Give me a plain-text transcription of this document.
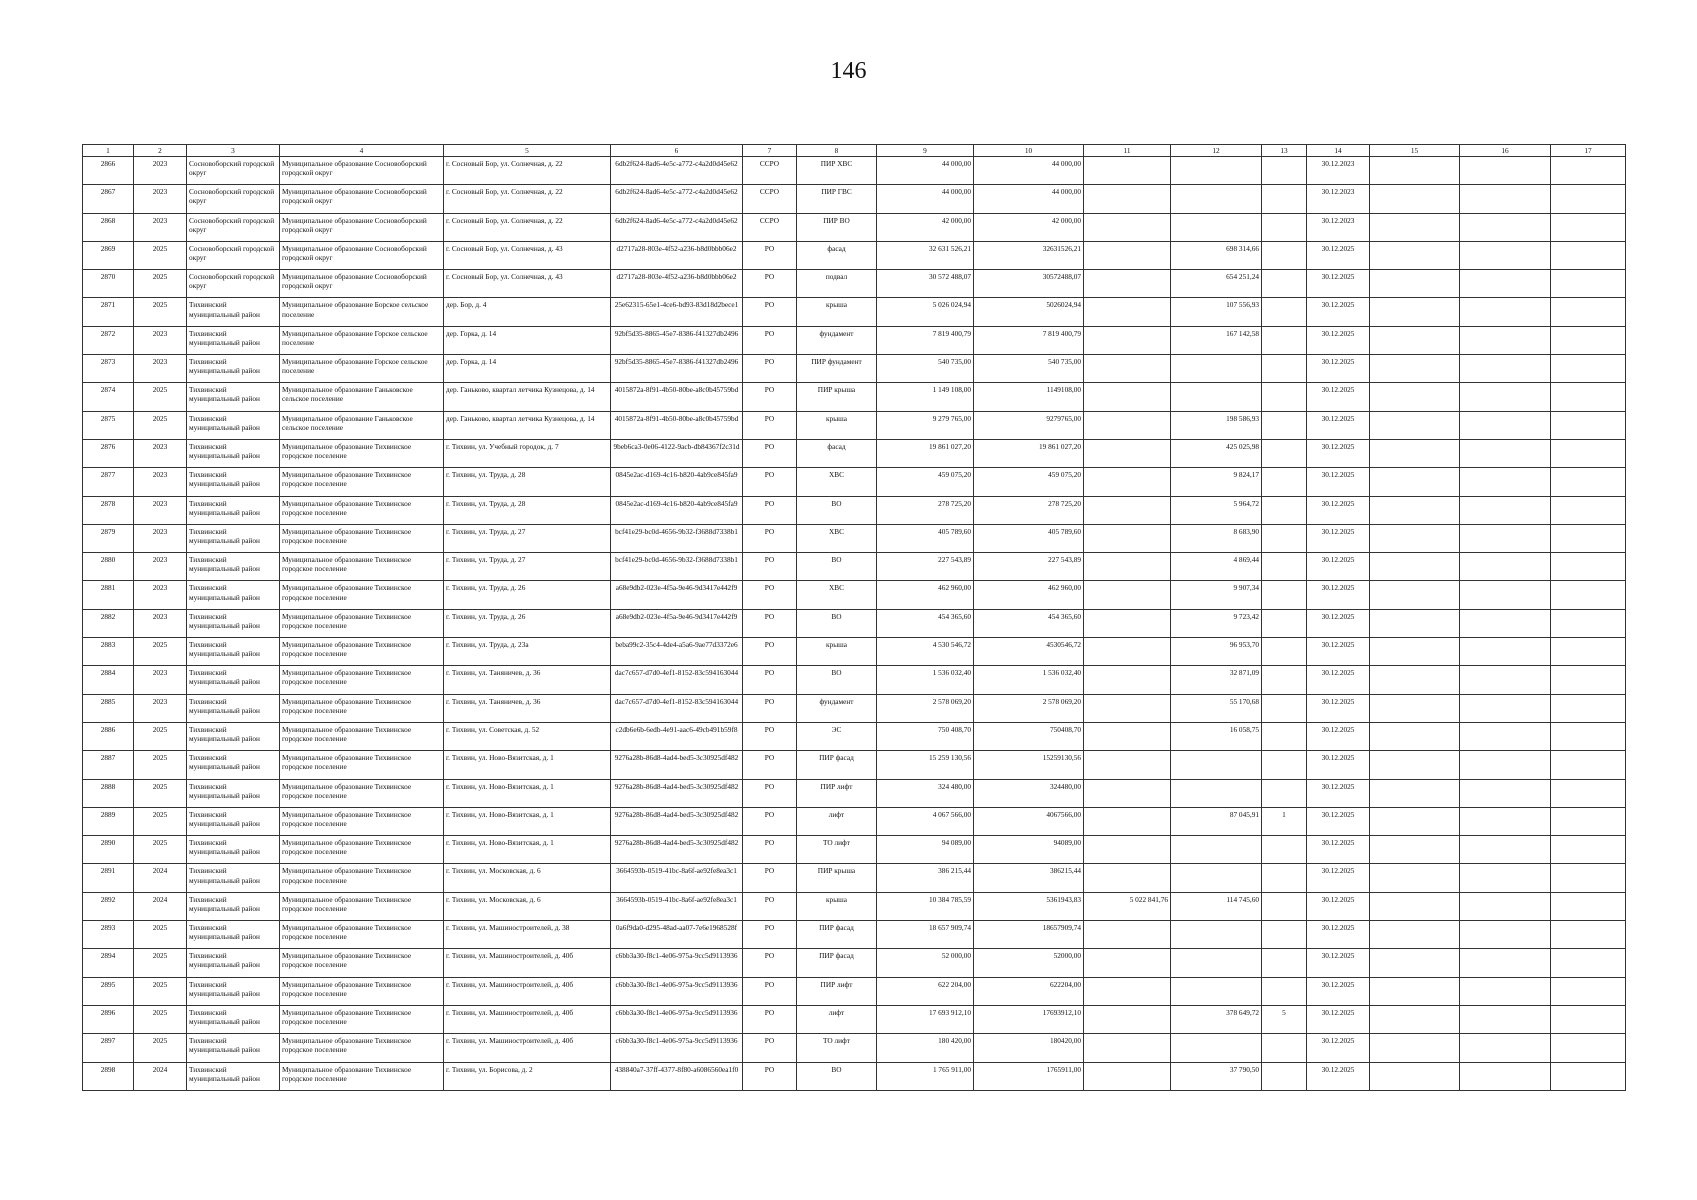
146
1	2	3	4	5	6	7	8	9	10	11	12	13	14	15	16	17
2866	2023	Сосновоборский городской округ	Муниципальное образование Сосновоборский городской округ	г. Сосновый Бор, ул. Солнечная, д. 22	6db2f624-8ad6-4e5c-a772-c4a2d0d45e62	ССРО	ПИР ХВС	44 000,00	44 000,00				30.12.2023			
2867	2023	Сосновоборский городской округ	Муниципальное образование Сосновоборский городской округ	г. Сосновый Бор, ул. Солнечная, д. 22	6db2f624-8ad6-4e5c-a772-c4a2d0d45e62	ССРО	ПИР ГВС	44 000,00	44 000,00				30.12.2023			
2868	2023	Сосновоборский городской округ	Муниципальное образование Сосновоборский городской округ	г. Сосновый Бор, ул. Солнечная, д. 22	6db2f624-8ad6-4e5c-a772-c4a2d0d45e62	ССРО	ПИР ВО	42 000,00	42 000,00				30.12.2023			
2869	2025	Сосновоборский городской округ	Муниципальное образование Сосновоборский городской округ	г. Сосновый Бор, ул. Солнечная, д. 43	d2717a28-803e-4f52-a236-b8d0bbb06e2	РО	фасад	32 631 526,21	32631526,21		698 314,66		30.12.2025			
2870	2025	Сосновоборский городской округ	Муниципальное образование Сосновоборский городской округ	г. Сосновый Бор, ул. Солнечная, д. 43	d2717a28-803e-4f52-a236-b8d0bbb06e2	РО	подвал	30 572 488,07	30572488,07		654 251,24		30.12.2025			
2871	2025	Тихвинский муниципальный район	Муниципальное образование Борское сельское поселение	дер. Бор, д. 4	25e62315-65e1-4ce6-bd93-83d18d2bece1	РО	крыша	5 026 024,94	5026024,94		107 556,93		30.12.2025			
2872	2023	Тихвинский муниципальный район	Муниципальное образование Горское сельское поселение	дер. Горка, д. 14	92bf5d35-8865-45e7-8386-f41327db2496	РО	фундамент	7 819 400,79	7 819 400,79		167 142,58		30.12.2025			
2873	2023	Тихвинский муниципальный район	Муниципальное образование Горское сельское поселение	дер. Горка, д. 14	92bf5d35-8865-45e7-8386-f41327db2496	РО	ПИР фундамент	540 735,00	540 735,00				30.12.2025			
2874	2025	Тихвинский муниципальный район	Муниципальное образование Ганьковское сельское поселение	дер. Ганьково, квартал летчика Кузнецова, д. 14	4015872a-8f91-4b50-80be-a8c0b45759bd	РО	ПИР крыша	1 149 108,00	1149108,00				30.12.2025			
2875	2025	Тихвинский муниципальный район	Муниципальное образование Ганьковское сельское поселение	дер. Ганьково, квартал летчика Кузнецова, д. 14	4015872a-8f91-4b50-80be-a8c0b45759bd	РО	крыша	9 279 765,00	9279765,00		198 586,93		30.12.2025			
2876	2023	Тихвинский муниципальный район	Муниципальное образование Тихвинское городское поселение	г. Тихвин, ул. Учебный городок, д. 7	9beb6ca3-0e06-4122-9acb-db84367f2c31d	РО	фасад	19 861 027,20	19 861 027,20		425 025,98		30.12.2025			
2877	2023	Тихвинский муниципальный район	Муниципальное образование Тихвинское городское поселение	г. Тихвин, ул. Труда, д. 28	0845e2ac-d169-4c16-b820-4ab9ce845fa9	РО	ХВС	459 075,20	459 075,20		9 824,17		30.12.2025			
2878	2023	Тихвинский муниципальный район	Муниципальное образование Тихвинское городское поселение	г. Тихвин, ул. Труда, д. 28	0845e2ac-d169-4c16-b820-4ab9ce845fa9	РО	ВО	278 725,20	278 725,20		5 964,72		30.12.2025			
2879	2023	Тихвинский муниципальный район	Муниципальное образование Тихвинское городское поселение	г. Тихвин, ул. Труда, д. 27	bcf41e29-bc0d-4656-9b32-f3688d7338b1	РО	ХВС	405 789,60	405 789,60		8 683,90		30.12.2025			
2880	2023	Тихвинский муниципальный район	Муниципальное образование Тихвинское городское поселение	г. Тихвин, ул. Труда, д. 27	bcf41e29-bc0d-4656-9b32-f3688d7338b1	РО	ВО	227 543,89	227 543,89		4 869,44		30.12.2025			
2881	2023	Тихвинский муниципальный район	Муниципальное образование Тихвинское городское поселение	г. Тихвин, ул. Труда, д. 26	a68e9db2-023e-4f5a-9e46-9d3417e442f9	РО	ХВС	462 960,00	462 960,00		9 907,34		30.12.2025			
2882	2023	Тихвинский муниципальный район	Муниципальное образование Тихвинское городское поселение	г. Тихвин, ул. Труда, д. 26	a68e9db2-023e-4f5a-9e46-9d3417e442f9	РО	ВО	454 365,60	454 365,60		9 723,42		30.12.2025			
2883	2025	Тихвинский муниципальный район	Муниципальное образование Тихвинское городское поселение	г. Тихвин, ул. Труда, д. 23а	beba99c2-35c4-4de4-a5a6-9ae77d3372e6	РО	крыша	4 530 546,72	4530546,72		96 953,70		30.12.2025			
2884	2023	Тихвинский муниципальный район	Муниципальное образование Тихвинское городское поселение	г. Тихвин, ул. Таняничев, д. 36	dac7c657-d7d0-4ef1-8152-83c594163044	РО	ВО	1 536 032,40	1 536 032,40		32 871,09		30.12.2025			
2885	2023	Тихвинский муниципальный район	Муниципальное образование Тихвинское городское поселение	г. Тихвин, ул. Таняничев, д. 36	dac7c657-d7d0-4ef1-8152-83c594163044	РО	фундамент	2 578 069,20	2 578 069,20		55 170,68		30.12.2025			
2886	2025	Тихвинский муниципальный район	Муниципальное образование Тихвинское городское поселение	г. Тихвин, ул. Советская, д. 52	c2db6e6b-6edb-4e91-aac6-49cb491b59f8	РО	ЭС	750 408,70	750408,70		16 058,75		30.12.2025			
2887	2025	Тихвинский муниципальный район	Муниципальное образование Тихвинское городское поселение	г. Тихвин, ул. Ново-Вязитская, д. 1	9276a28b-86d8-4ad4-bed5-3c30925df482	РО	ПИР фасад	15 259 130,56	15259130,56				30.12.2025			
2888	2025	Тихвинский муниципальный район	Муниципальное образование Тихвинское городское поселение	г. Тихвин, ул. Ново-Вязитская, д. 1	9276a28b-86d8-4ad4-bed5-3c30925df482	РО	ПИР лифт	324 480,00	324480,00				30.12.2025			
2889	2025	Тихвинский муниципальный район	Муниципальное образование Тихвинское городское поселение	г. Тихвин, ул. Ново-Вязитская, д. 1	9276a28b-86d8-4ad4-bed5-3c30925df482	РО	лифт	4 067 566,00	4067566,00		87 045,91	1	30.12.2025			
2890	2025	Тихвинский муниципальный район	Муниципальное образование Тихвинское городское поселение	г. Тихвин, ул. Ново-Вязитская, д. 1	9276a28b-86d8-4ad4-bed5-3c30925df482	РО	ТО лифт	94 089,00	94089,00				30.12.2025			
2891	2024	Тихвинский муниципальный район	Муниципальное образование Тихвинское городское поселение	г. Тихвин, ул. Московская, д. 6	3664593b-0519-41bc-8a6f-ae92fe8ea3c1	РО	ПИР крыша	386 215,44	386215,44				30.12.2025			
2892	2024	Тихвинский муниципальный район	Муниципальное образование Тихвинское городское поселение	г. Тихвин, ул. Московская, д. 6	3664593b-0519-41bc-8a6f-ae92fe8ea3c1	РО	крыша	10 384 785,59	5361943,83	5 022 841,76	114 745,60		30.12.2025			
2893	2025	Тихвинский муниципальный район	Муниципальное образование Тихвинское городское поселение	г. Тихвин, ул. Машиностроителей, д. 38	0a6f9da0-d295-48ad-aa07-7e6e1968528f	РО	ПИР фасад	18 657 909,74	18657909,74				30.12.2025			
2894	2025	Тихвинский муниципальный район	Муниципальное образование Тихвинское городское поселение	г. Тихвин, ул. Машиностроителей, д. 40б	c6bb3a30-f8c1-4e06-975a-9cc5d9113936	РО	ПИР фасад	52 000,00	52000,00				30.12.2025			
2895	2025	Тихвинский муниципальный район	Муниципальное образование Тихвинское городское поселение	г. Тихвин, ул. Машиностроителей, д. 40б	c6bb3a30-f8c1-4e06-975a-9cc5d9113936	РО	ПИР лифт	622 204,00	622204,00				30.12.2025			
2896	2025	Тихвинский муниципальный район	Муниципальное образование Тихвинское городское поселение	г. Тихвин, ул. Машиностроителей, д. 40б	c6bb3a30-f8c1-4e06-975a-9cc5d9113936	РО	лифт	17 693 912,10	17693912,10		378 649,72	5	30.12.2025			
2897	2025	Тихвинский муниципальный район	Муниципальное образование Тихвинское городское поселение	г. Тихвин, ул. Машиностроителей, д. 40б	c6bb3a30-f8c1-4e06-975a-9cc5d9113936	РО	ТО лифт	180 420,00	180420,00				30.12.2025			
2898	2024	Тихвинский муниципальный район	Муниципальное образование Тихвинское городское поселение	г. Тихвин, ул. Борисова, д. 2	438840a7-37ff-4377-8f80-a6086560ea1f0	РО	ВО	1 765 911,00	1765911,00		37 790,50		30.12.2025			
